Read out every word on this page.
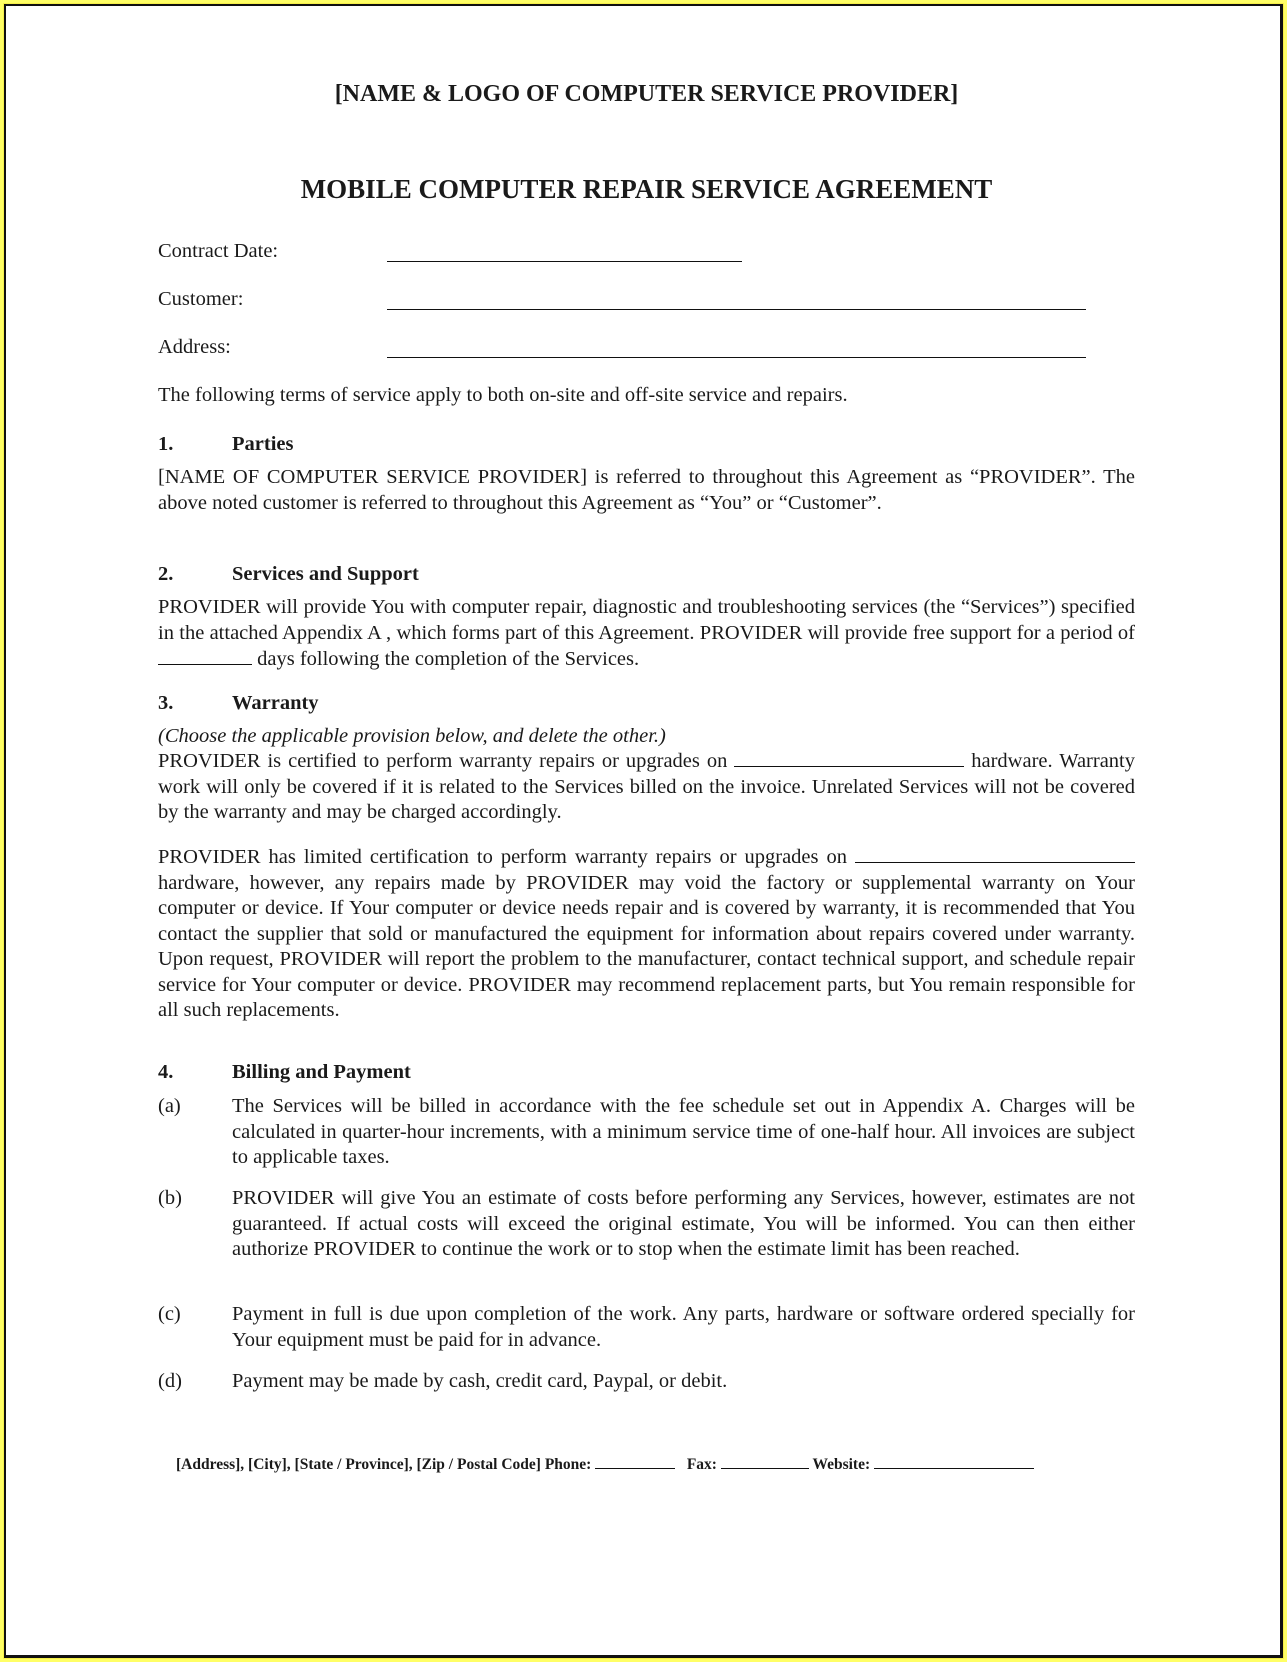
[NAME & LOGO OF COMPUTER SERVICE PROVIDER]
MOBILE COMPUTER REPAIR SERVICE AGREEMENT
Contract Date:
Customer:
Address:
The following terms of service apply to both on-site and off-site service and repairs.
1.	Parties
[NAME OF COMPUTER SERVICE PROVIDER] is referred to throughout this Agreement as “PROVIDER”. The above noted customer is referred to throughout this Agreement as “You” or “Customer”.
2.	Services and Support
PROVIDER will provide You with computer repair, diagnostic and troubleshooting services (the “Services”) specified in the attached Appendix A , which forms part of this Agreement. PROVIDER will provide free support for a period of  days following the completion of the Services.
3.	Warranty
(Choose the applicable provision below, and delete the other.)
PROVIDER is certified to perform warranty repairs or upgrades on	hardware. Warranty work will only be covered if it is related to the Services billed on the invoice. Unrelated Services will not be covered by the warranty and may be charged accordingly.
PROVIDER has limited certification to perform warranty repairs or upgrades on  hardware, however, any repairs made by PROVIDER may void the factory or supplemental warranty on Your computer or device. If Your computer or device needs repair and is covered by warranty, it is recommended that You contact the supplier that sold or manufactured the equipment for information about repairs covered under warranty. Upon request, PROVIDER will report the problem to the manufacturer, contact technical support, and schedule repair service for Your computer or device. PROVIDER may recommend replacement parts, but You remain responsible for all such replacements.
4.	Billing and Payment
(a) The Services will be billed in accordance with the fee schedule set out in Appendix A. Charges will be calculated in quarter-hour increments, with a minimum service time of one-half hour. All invoices are subject to applicable taxes.
(b) PROVIDER will give You an estimate of costs before performing any Services, however, estimates are not guaranteed. If actual costs will exceed the original estimate, You will be informed. You can then either authorize PROVIDER to continue the work or to stop when the estimate limit has been reached.
(c) Payment in full is due upon completion of the work. Any parts, hardware or software ordered specially for Your equipment must be paid for in advance.
(d) Payment may be made by cash, credit card, Paypal, or debit.
[Address], [City], [State / Province], [Zip / Postal Code] Phone:	Fax:	Website:
